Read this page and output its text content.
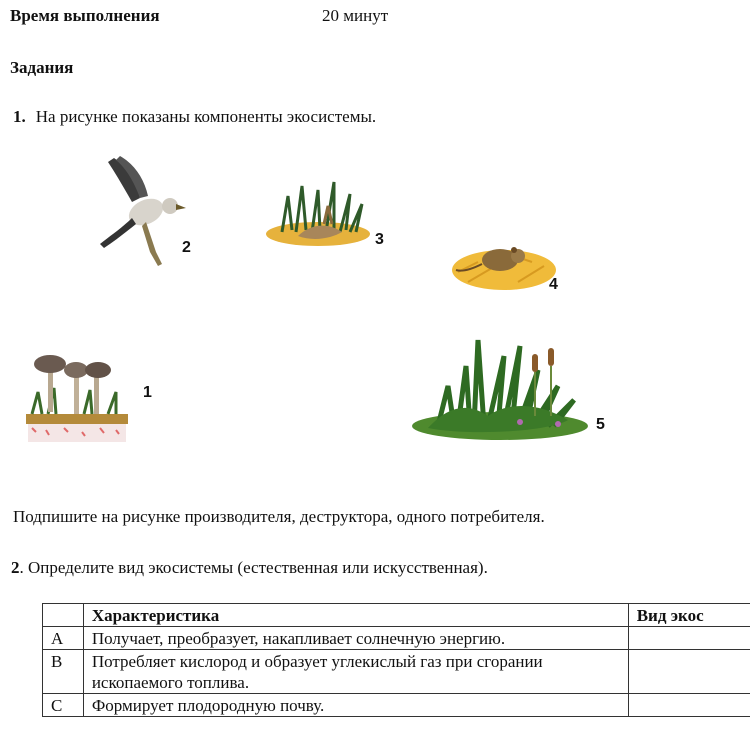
Время выполнения	20 минут
Задания
1. На рисунке показаны компоненты экосистемы.
2	3
4
1
5
Подпишите на рисунке производителя, деструктора, одного потребителя.
2. Определите вид экосистемы (естественная или искусственная).
	Характеристика	Вид экос
A	Получает, преобразует, накапливает солнечную энергию.	
B	Потребляет кислород и образует углекислый газ при сгорании ископаемого топлива.	
C	Формирует плодородную почву.	
